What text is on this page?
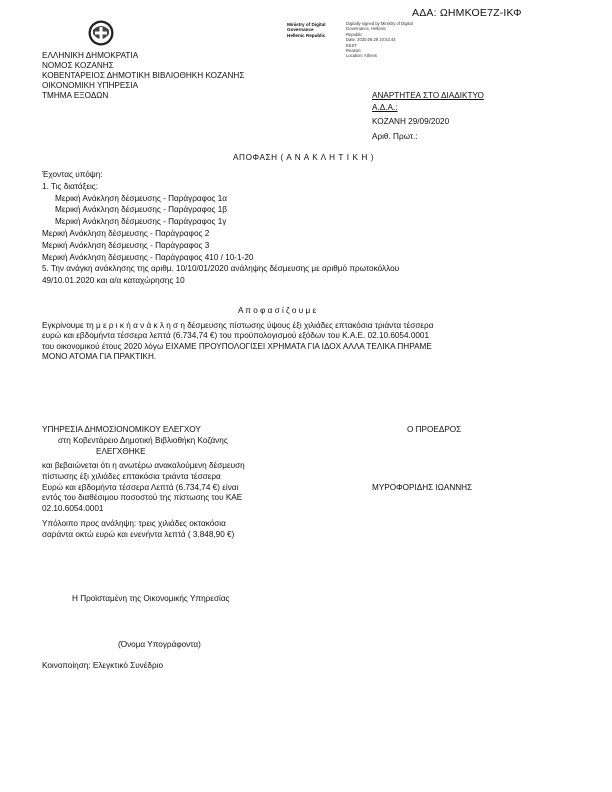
ΑΔΑ: ΩΗΜΚΟΕ7Ζ-ΙΚΦ
Ministry of Digital
Governance
Hellenic Republic
Digitally signed by Ministry of Digital
Governance, Hellenic
Republic
Date: 2020.09.29 10:53:44
EEST
Reason:
Location: Athens
ΕΛΛΗΝΙΚΗ ΔΗΜΟΚΡΑΤΙΑ
ΝΟΜΟΣ ΚΟΖΑΝΗΣ
ΚΟΒΕΝΤΑΡΕΙΟΣ ΔΗΜΟΤΙΚΗ ΒΙΒΛΙΟΘΗΚΗ ΚΟΖΑΝΗΣ
ΟΙΚΟΝΟΜΙΚΗ ΥΠΗΡΕΣΙΑ
ΤΜΗΜΑ ΕΞΟΔΩΝ	ΑΝΑΡΤΗΤΕΑ ΣΤΟ ΔΙΑΔΙΚΤΥΟ
Α.Δ.Α.:
ΚΟΖΑΝΗ 29/09/2020
Αριθ. Πρωτ.:
ΑΠΟΦΑΣΗ ( Α Ν Α Κ Λ Η Τ Ι Κ Η )
Έχοντας υπόψη:
1. Τις διατάξεις:
Μερική Ανάκληση δέσμευσης - Παράγραφος 1α
Μερική Ανάκληση δέσμευσης - Παράγραφος 1β
Μερική Ανάκληση δέσμευσης - Παράγραφος 1γ
Μερική Ανάκληση δέσμευσης - Παράγραφος 2
Μερική Ανάκληση δέσμευσης - Παράγραφος 3
Μερική Ανάκληση δέσμευσης - Παράγραφος 410 / 10-1-20
5. Την ανάγκη ανάκλησης της αριθμ. 10/10/01/2020 ανάληψης δέσμευσης με αριθμό πρωτοκόλλου
49/10.01.2020 και α/α καταχώρησης 10
Α π ο φ α σ ί ζ ο υ μ ε
Εγκρίνουμε τη μ ε ρ ι κ ή α ν ά κ λ η σ η δέσμευσης πίστωσης ύψους έξι χιλιάδες επτακόσια τριάντα τέσσερα
ευρώ και εβδομήντα τέσσερα λεπτά (6.734,74 €) του προϋπολογισμού εξόδων του Κ.Α.Ε. 02.10.6054.0001
του οικονομικού έτους 2020 λόγω ΕΙΧΑΜΕ ΠΡΟΥΠΟΛΟΓΙΣΕΙ ΧΡΗΜΑΤΑ ΓΙΑ ΙΔΟΧ ΑΛΛΑ ΤΕΛΙΚΑ ΠΗΡΑΜΕ
ΜΟΝΟ ΑΤΟΜΑ ΓΙΑ ΠΡΑΚΤΙΚΗ.
ΥΠΗΡΕΣΙΑ ΔΗΜΟΣΙΟΝΟΜΙΚΟΥ ΕΛΕΓΧΟΥ
στη Κοβεντάρειο Δημοτική Βιβλιοθήκη Κοζάνης
ΕΛΕΓΧΘΗΚΕ
και βεβαιώνεται ότι η ανωτέρω ανακαλούμενη δέσμευση
πίστωσης έξι χιλιάδες επτακόσια τριάντα τέσσερα
Ευρώ και εβδομήντα τέσσερα Λεπτά (6.734,74 €) είναι
εντός του διαθέσιμου ποσοστού της πίστωσης του ΚΑΕ
02.10.6054.0001
Υπόλοιπο προς ανάληψη: τρεις χιλιάδες οκτακόσια
σαράντα οκτώ ευρώ και ενενήντα λεπτά ( 3.848,90 €)
Ο ΠΡΟΕΔΡΟΣ
ΜΥΡΟΦΟΡΙΔΗΣ ΙΩΑΝΝΗΣ
Η Προϊσταμένη της Οικονομικής Υπηρεσίας
(Όνομα Υπογράφοντα)
Κοινοποίηση: Ελεγκτικό Συνέδριο
